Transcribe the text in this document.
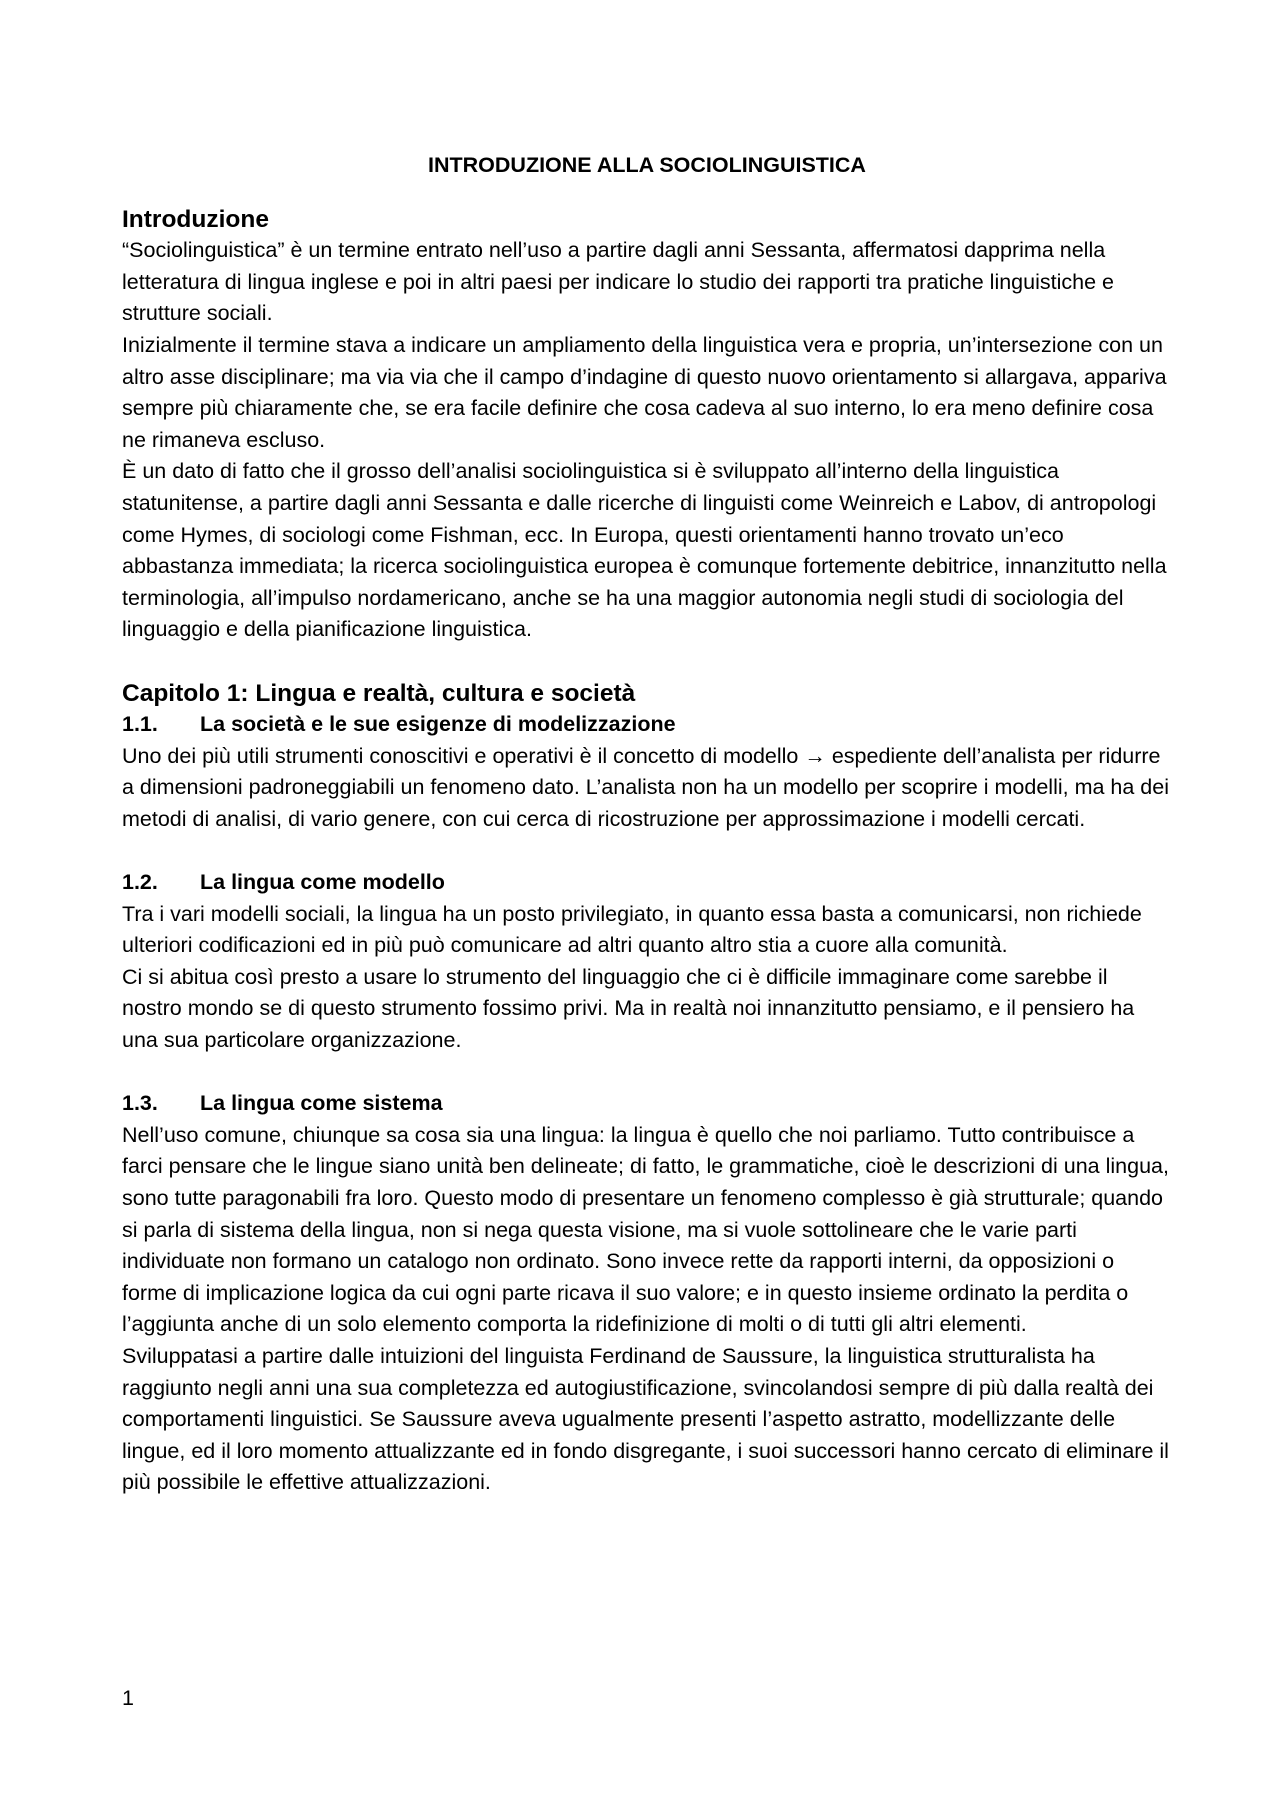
INTRODUZIONE ALLA SOCIOLINGUISTICA
Introduzione

“Sociolinguistica” è un termine entrato nell’uso a partire dagli anni Sessanta, affermatosi dapprima nella letteratura di lingua inglese e poi in altri paesi per indicare lo studio dei rapporti tra pratiche linguistiche e strutture sociali.

Inizialmente il termine stava a indicare un ampliamento della linguistica vera e propria, un’intersezione con un altro asse disciplinare; ma via via che il campo d’indagine di questo nuovo orientamento si allargava, appariva sempre più chiaramente che, se era facile definire che cosa cadeva al suo interno, lo era meno definire cosa ne rimaneva escluso.

È un dato di fatto che il grosso dell’analisi sociolinguistica si è sviluppato all’interno della linguistica statunitense, a partire dagli anni Sessanta e dalle ricerche di linguisti come Weinreich e Labov, di antropologi come Hymes, di sociologi come Fishman, ecc. In Europa, questi orientamenti hanno trovato un’eco abbastanza immediata; la ricerca sociolinguistica europea è comunque fortemente debitrice, innanzitutto nella terminologia, all’impulso nordamericano, anche se ha una maggior autonomia negli studi di sociologia del linguaggio e della pianificazione linguistica.

Capitolo 1: Lingua e realtà, cultura e società
1.1.	La società e le sue esigenze di modelizzazione

Uno dei più utili strumenti conoscitivi e operativi è il concetto di modello → espediente dell’analista per ridurre a dimensioni padroneggiabili un fenomeno dato. L’analista non ha un modello per scoprire i modelli, ma ha dei metodi di analisi, di vario genere, con cui cerca di ricostruzione per approssimazione i modelli cercati.

1.2.	La lingua come modello

Tra i vari modelli sociali, la lingua ha un posto privilegiato, in quanto essa basta a comunicarsi, non richiede ulteriori codificazioni ed in più può comunicare ad altri quanto altro stia a cuore alla comunità.

Ci si abitua così presto a usare lo strumento del linguaggio che ci è difficile immaginare come sarebbe il nostro mondo se di questo strumento fossimo privi. Ma in realtà noi innanzitutto pensiamo, e il pensiero ha una sua particolare organizzazione.

1.3.	La lingua come sistema

Nell’uso comune, chiunque sa cosa sia una lingua: la lingua è quello che noi parliamo. Tutto contribuisce a farci pensare che le lingue siano unità ben delineate; di fatto, le grammatiche, cioè le descrizioni di una lingua, sono tutte paragonabili fra loro. Questo modo di presentare un fenomeno complesso è già strutturale; quando si parla di sistema della lingua, non si nega questa visione, ma si vuole sottolineare che le varie parti individuate non formano un catalogo non ordinato. Sono invece rette da rapporti interni, da opposizioni o forme di implicazione logica da cui ogni parte ricava il suo valore; e in questo insieme ordinato la perdita o l’aggiunta anche di un solo elemento comporta la ridefinizione di molti o di tutti gli altri elementi.

Sviluppatasi a partire dalle intuizioni del linguista Ferdinand de Saussure, la linguistica strutturalista ha raggiunto negli anni una sua completezza ed autogiustificazione, svincolandosi sempre di più dalla realtà dei comportamenti linguistici. Se Saussure aveva ugualmente presenti l’aspetto astratto, modellizzante delle lingue, ed il loro momento attualizzante ed in fondo disgregante, i suoi successori hanno cercato di eliminare il più possibile le effettive attualizzazioni.

1
